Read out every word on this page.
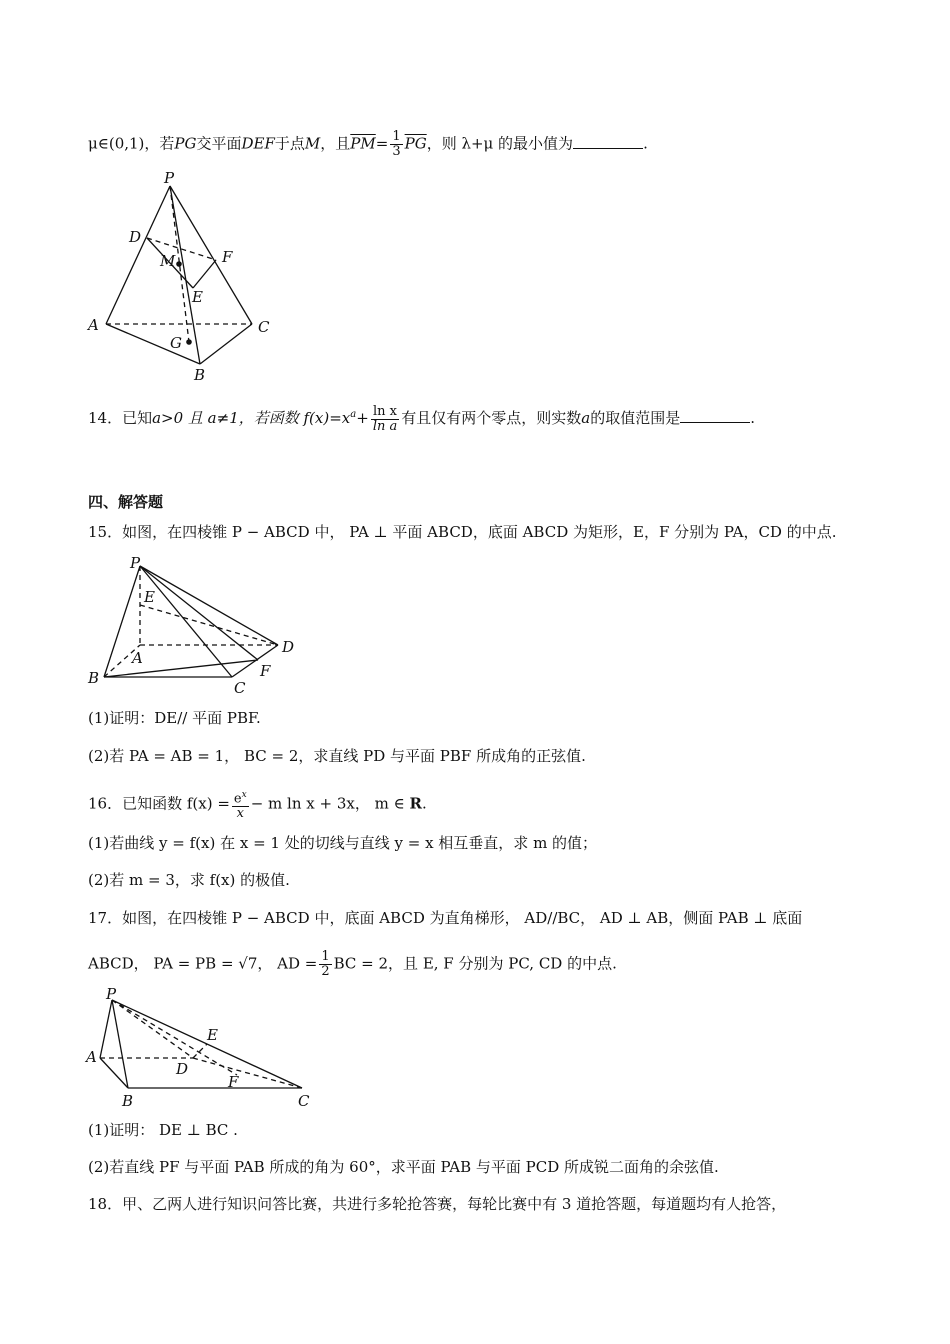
μ∈(0,1)，若PG交平面DEF于点M，且$\overline{PM}= \frac{1}{3} \overline{PG}$，则 λ+μ 的最小值为	.
P
D
M	F
E
A	C
G
B
14．已知a>0 且 a≠1，若函数 $f(x)=x^a+ \frac{\text{ln x}}{\text{ln a}}$ 有且仅有两个零点，则实数a的取值范围是	.
四、解答题
15．如图，在四棱锥 P − ABCD 中， PA ⊥ 平面 ABCD，底面 ABCD 为矩形，E，F 分别为 PA，CD 的中点.
P
E
A
D
B	F
C
(1)证明：DE// 平面 PBF.
(2)若 PA = AB = 1， BC = 2，求直线 PD 与平面 PBF 所成角的正弦值.
16．已知函数 $f(x) = \frac{e^x}{x} - m$ ln x + 3x， m ∈ R.
(1)若曲线 y = f(x) 在 x = 1 处的切线与直线 y = x 相互垂直，求 m 的值；
(2)若 m = 3，求 f(x) 的极值.
17．如图，在四棱锥 P − ABCD 中，底面 ABCD 为直角梯形， AD//BC， AD ⊥ AB，侧面 PAB ⊥ 底面
ABCD， PA = PB = √7， AD = $\frac{1}{2}$ BC = 2，且 E, F 分别为 PC, CD 的中点.
P
E
A
D
F
B	C
(1)证明： DE ⊥ BC .
(2)若直线 PF 与平面 PAB 所成的角为 60°，求平面 PAB 与平面 PCD 所成锐二面角的余弦值.
18．甲、乙两人进行知识问答比赛，共进行多轮抢答赛，每轮比赛中有 3 道抢答题，每道题均有人抢答，
